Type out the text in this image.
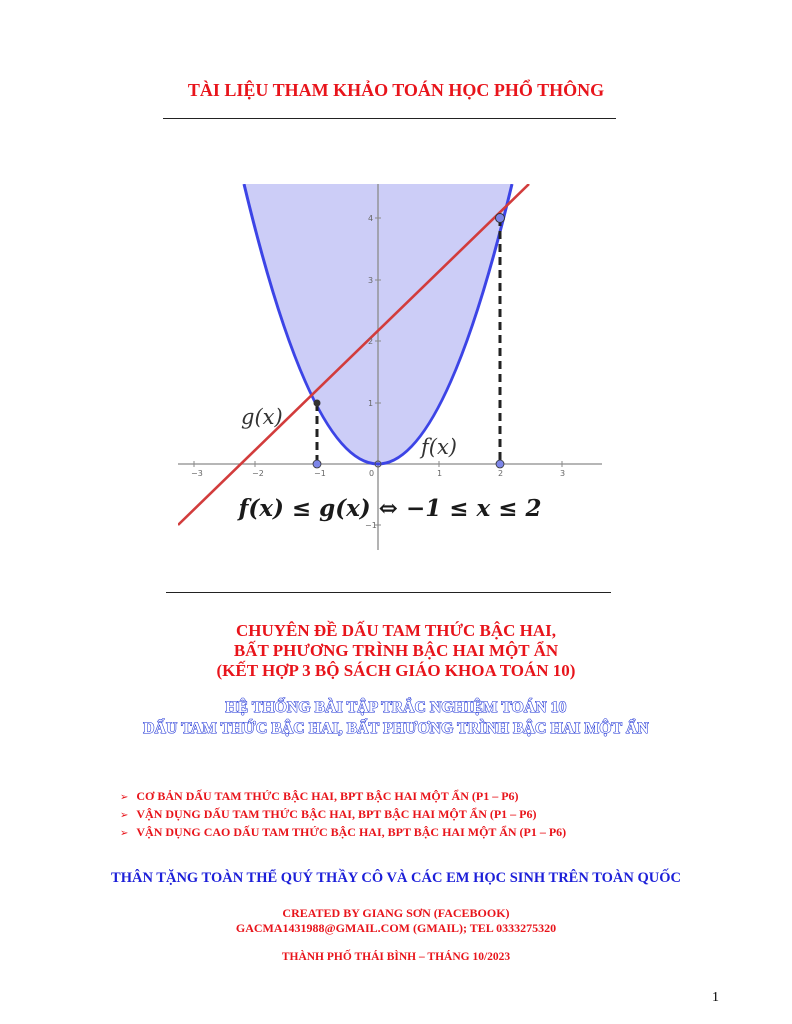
TÀI LIỆU THAM KHẢO TOÁN HỌC PHỔ THÔNG
−3	−2	−1	0	1	2	3
1
2
3
4
−1
g(x)
f(x)
f(x) ≤ g(x) ⇔ −1 ≤ x ≤ 2
CHUYÊN ĐỀ DẤU TAM THỨC BẬC HAI,
BẤT PHƯƠNG TRÌNH BẬC HAI MỘT ẨN
(KẾT HỢP 3 BỘ SÁCH GIÁO KHOA TOÁN 10)
HỆ THỐNG BÀI TẬP TRẮC NGHIỆM TOÁN 10
DẤU TAM THỨC BẬC HAI, BẤT PHƯƠNG TRÌNH BẬC HAI MỘT ẨN
➢ CƠ BẢN DẤU TAM THỨC BẬC HAI, BPT BẬC HAI MỘT ẨN (P1 – P6)
➢ VẬN DỤNG DẤU TAM THỨC BẬC HAI, BPT BẬC HAI MỘT ẨN (P1 – P6)
➢ VẬN DỤNG CAO DẤU TAM THỨC BẬC HAI, BPT BẬC HAI MỘT ẨN (P1 – P6)
THÂN TẶNG TOÀN THỂ QUÝ THẦY CÔ VÀ CÁC EM HỌC SINH TRÊN TOÀN QUỐC
CREATED BY GIANG SƠN (FACEBOOK)
GACMA1431988@GMAIL.COM (GMAIL); TEL 0333275320
THÀNH PHỐ THÁI BÌNH – THÁNG 10/2023
1
